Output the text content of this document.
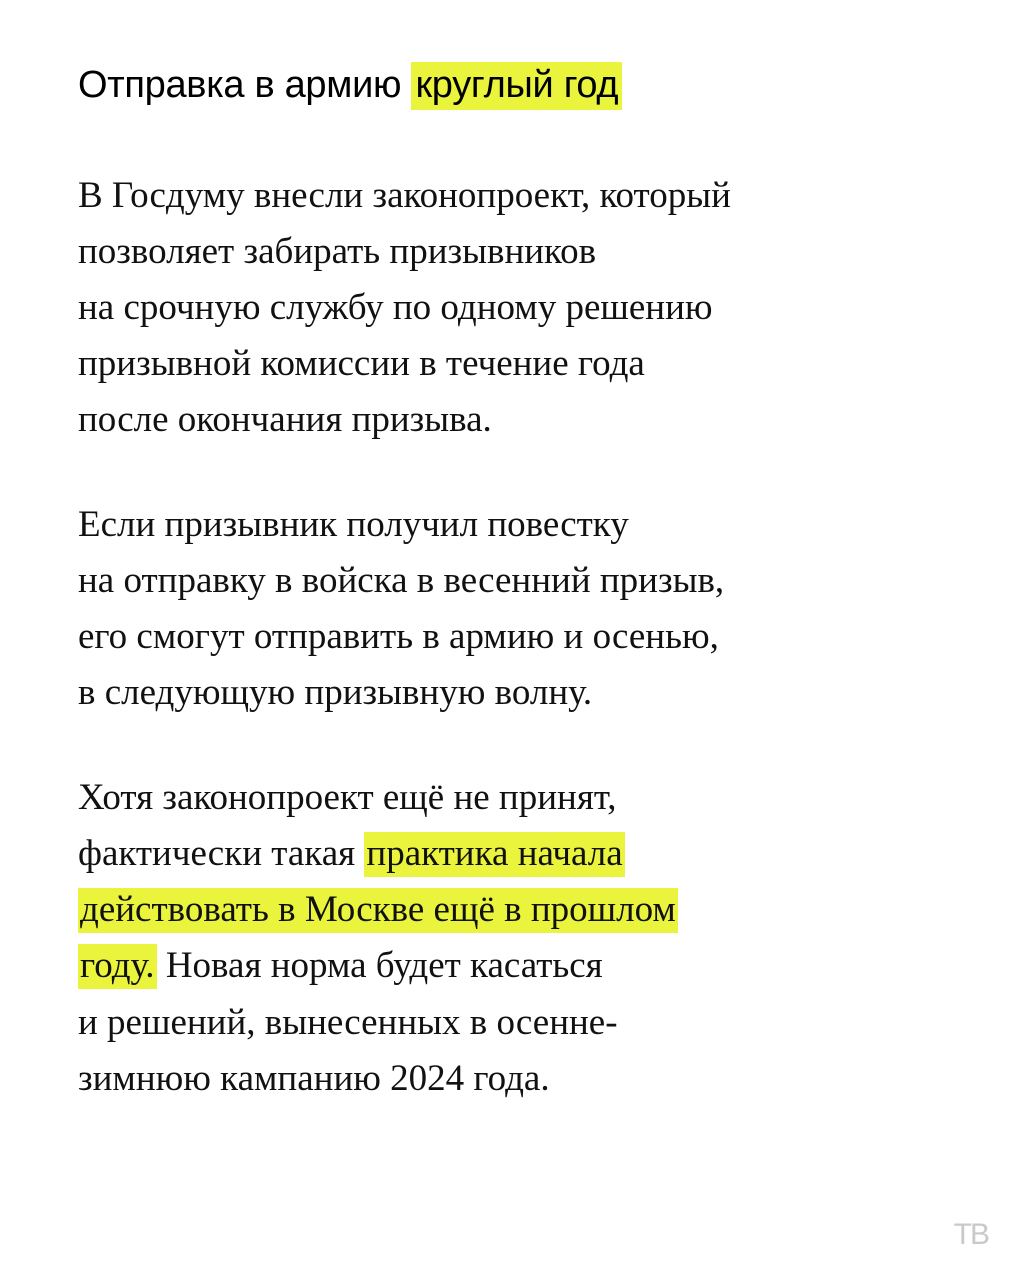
Отправка в армию круглый год

В Госдуму внесли законопроект, который
позволяет забирать призывников
на срочную службу по одному решению
призывной комиссии в течение года
после окончания призыва.

Если призывник получил повестку
на отправку в войска в весенний призыв,
его смогут отправить в армию и осенью,
в следующую призывную волну.

Хотя законопроект ещё не принят,
фактически такая практика начала
действовать в Москве ещё в прошлом
году. Новая норма будет касаться
и решений, вынесенных в осенне-
зимнюю кампанию 2024 года.

TB
